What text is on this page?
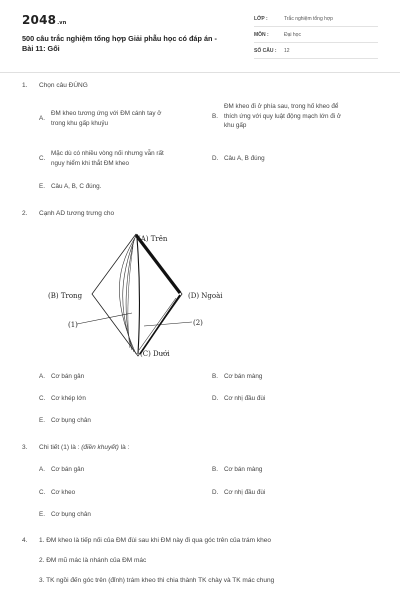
2048.vn
500 câu trắc nghiệm tổng hợp Giải phẫu học có đáp án -
Bài 11: Gối
LỚP :	Trắc nghiệm tổng hợp
MÔN :	Đại học
SỐ CÂU : 12
1. Chọn câu ĐÚNG
A.
ĐM kheo tương ứng với ĐM cánh tay ở
trong khu gấp khuỷu
B.
ĐM kheo đi ở phía sau, trong hố kheo để
thích ứng với quy luật động mạch lớn đi ở
khu gấp
C.
Mặc dù có nhiều vòng nối nhưng vẫn rất
nguy hiểm khi thắt ĐM kheo
D. Câu A, B đúng
E. Câu A, B, C đúng.
2. Cạnh AD tương trưng cho
(A) Trên
(B) Trong	(D) Ngoài
(C) Dưới
(1)	(2)
A. Cơ bán gân	B. Cơ bán màng
C. Cơ khép lớn	D. Cơ nhị đầu đùi
E. Cơ bụng chân
3. Chi tiết (1) là : (điền khuyết) là :
A. Cơ bán gân	B. Cơ bán màng
C. Cơ kheo	D. Cơ nhị đầu đùi
E. Cơ bụng chân
4. 1. ĐM kheo là tiếp nối của ĐM đùi sau khi ĐM này đi qua góc trên của trám kheo
2. ĐM mũ mác là nhánh của ĐM mác
3. TK ngồi đến góc trên (đỉnh) trám kheo thì chia thành TK chày và TK mác chung
